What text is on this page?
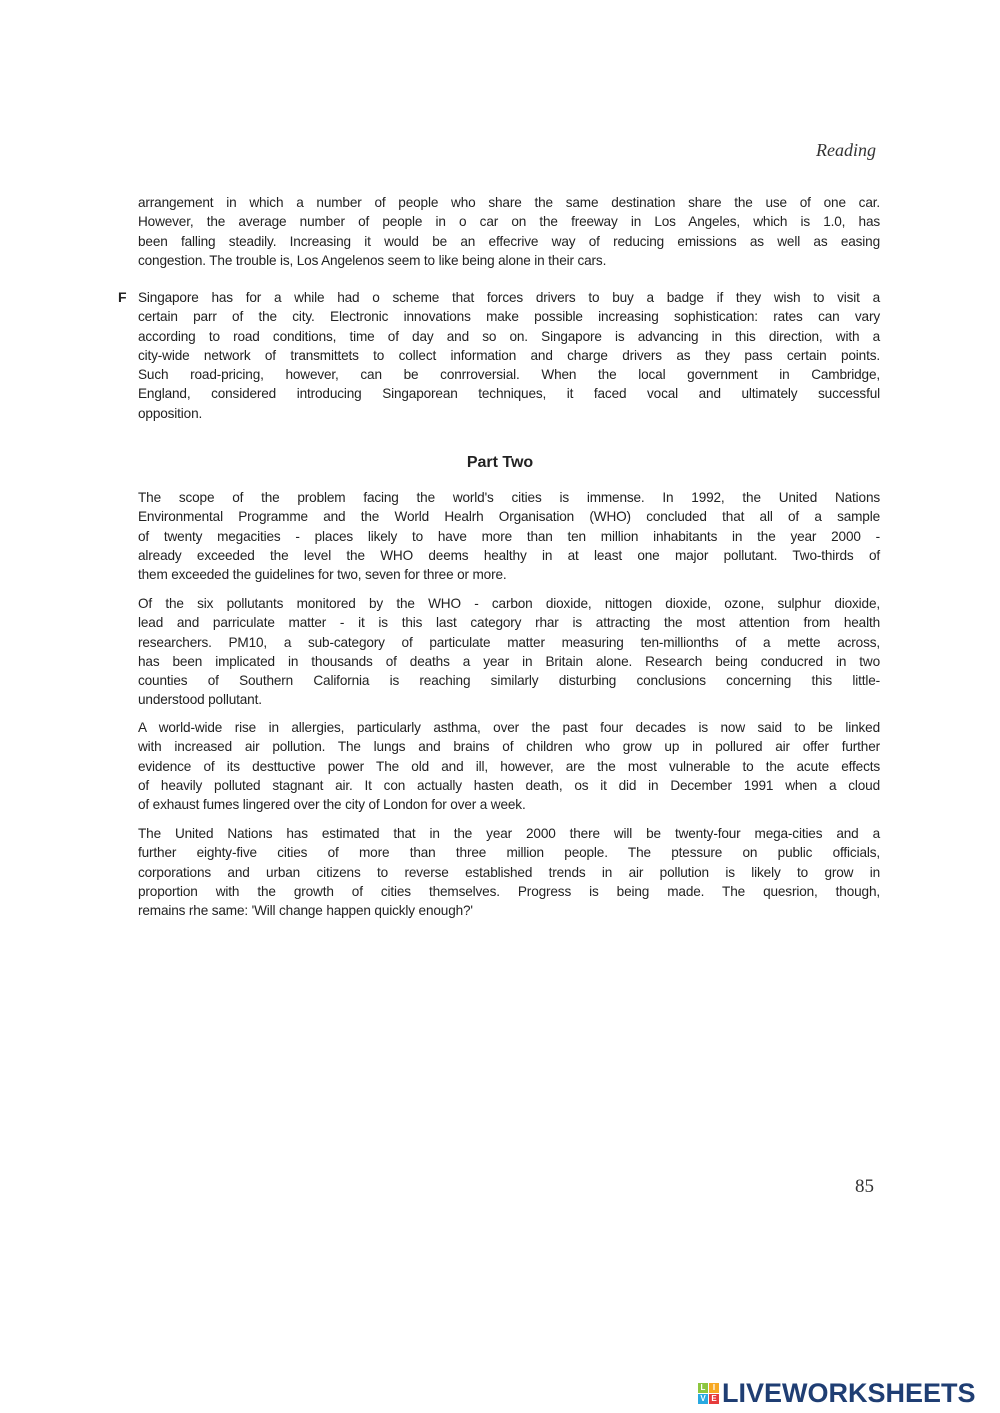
Reading
arrangement in which a number of people who share the same destination share the use of one car.
However, the average number of people in o car on the freeway in Los Angeles, which is 1.0, has
been falling steadily. Increasing it would be an effecrive way of reducing emissions as well as easing
congestion. The trouble is, Los Angelenos seem to like being alone in their cars.
F Singapore has for a while had o scheme that forces drivers to buy a badge if they wish to visit a
certain parr of the city. Electronic innovations make possible increasing sophistication: rates can vary
according to road conditions, time of day and so on. Singapore is advancing in this direction, with a
city-wide network of transmittets to collect information and charge drivers as they pass certain points.
Such road-pricing, however, can be conrroversial. When the local government in Cambridge,
England, considered introducing Singaporean techniques, it faced vocal and ultimately successful
opposition.
Part Two
The scope of the problem facing the world's cities is immense. In 1992, the United Nations
Environmental Programme and the World Healrh Organisation (WHO) concluded that all of a sample
of twenty megacities - places likely to have more than ten million inhabitants in the year 2000 -
already exceeded the level the WHO deems healthy in at least one major pollutant. Two-thirds of
them exceeded the guidelines for two, seven for three or more.
Of the six pollutants monitored by the WHO - carbon dioxide, nittogen dioxide, ozone, sulphur dioxide,
lead and parriculate matter - it is this last category rhar is attracting the most attention from health
researchers. PM10, a sub-category of particulate matter measuring ten-millionths of a mette across,
has been implicated in thousands of deaths a year in Britain alone. Research being conducred in two
counties of Southern California is reaching similarly disturbing conclusions concerning this little-
understood pollutant.
A world-wide rise in allergies, particularly asthma, over the past four decades is now said to be linked
with increased air pollution. The lungs and brains of children who grow up in pollured air offer further
evidence of its desttuctive power The old and ill, however, are the most vulnerable to the acute effects
of heavily polluted stagnant air. It con actually hasten death, os it did in December 1991 when a cloud
of exhaust fumes lingered over the city of London for over a week.
The United Nations has estimated that in the year 2000 there will be twenty-four mega-cities and a
further eighty-five cities of more than three million people. The ptessure on public officials,
corporations and urban citizens to reverse established trends in air pollution is likely to grow in
proportion with the growth of cities themselves. Progress is being made. The quesrion, though,
remains rhe same: 'Will change happen quickly enough?'
85
L I
V E LIVEWORKSHEETS
